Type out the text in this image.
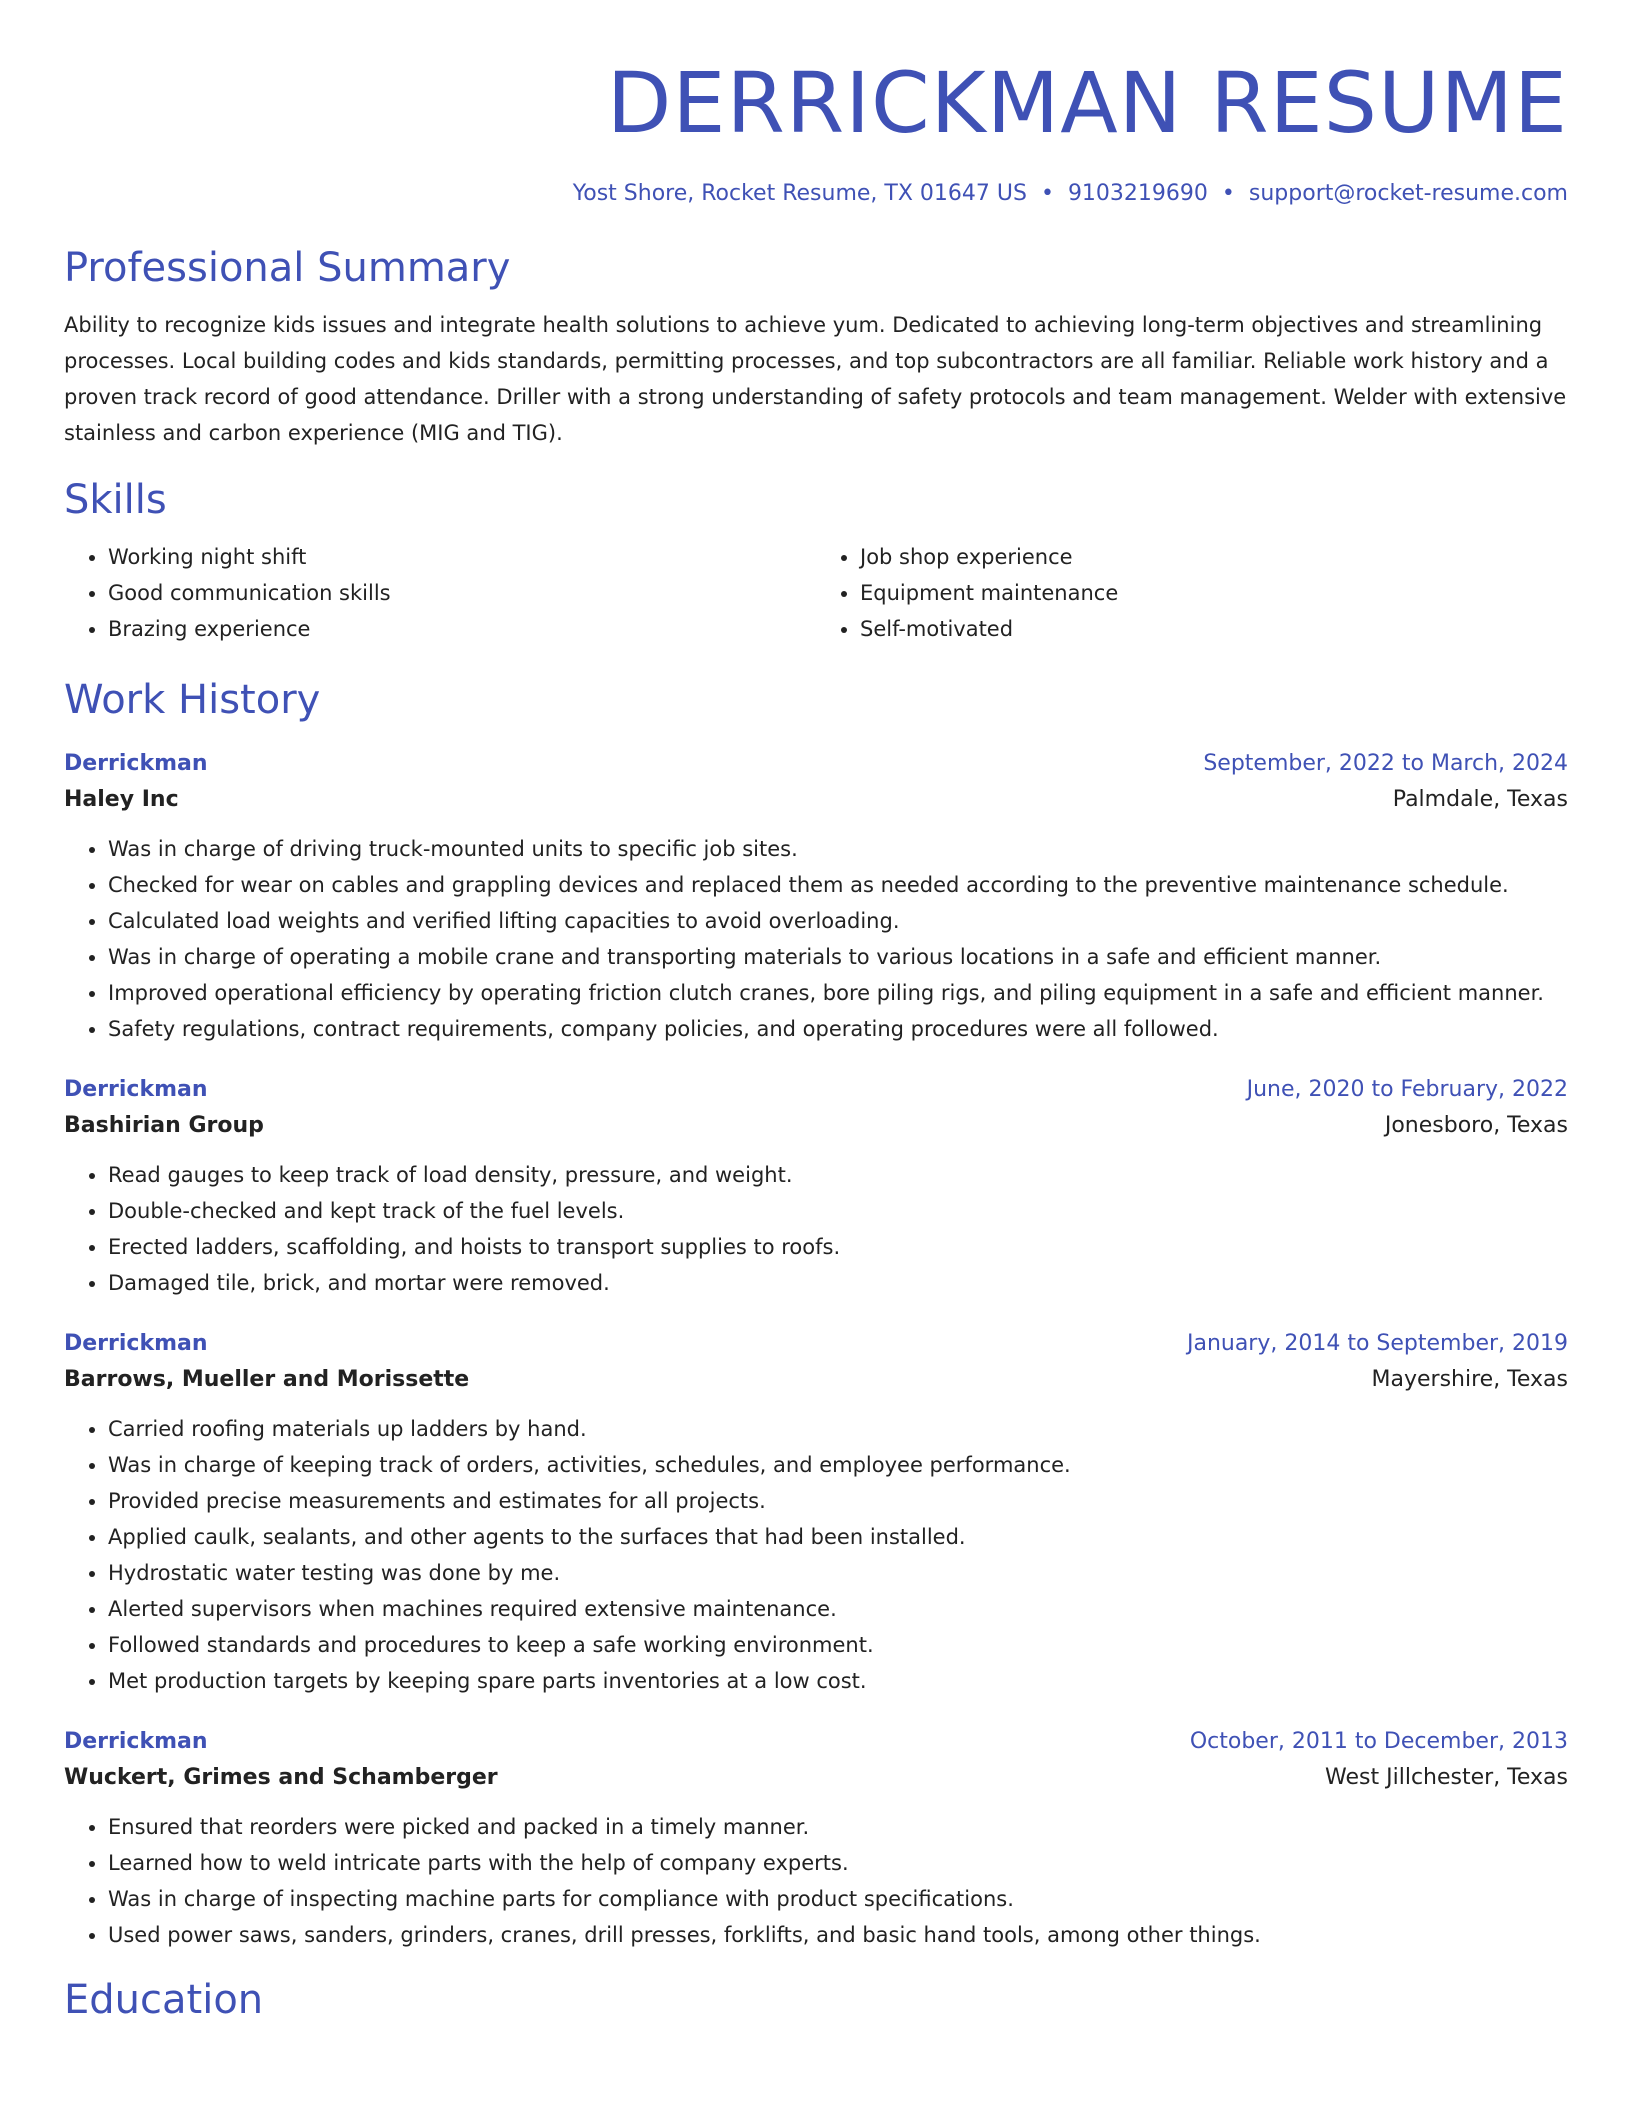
DERRICKMAN RESUME
Yost Shore, Rocket Resume, TX 01647 US • 9103219690 • support@rocket-resume.com
Professional Summary

Ability to recognize kids issues and integrate health solutions to achieve yum. Dedicated to achieving long-term objectives and streamlining processes. Local building codes and kids standards, permitting processes, and top subcontractors are all familiar. Reliable work history and a proven track record of good attendance. Driller with a strong understanding of safety protocols and team management. Welder with extensive stainless and carbon experience (MIG and TIG).

Skills
• Working night shift
• Good communication skills
• Brazing experience
• Job shop experience
• Equipment maintenance
• Self-motivated
Work History
Derrickman	September, 2022 to March, 2024
Haley Inc	Palmdale, Texas
• Was in charge of driving truck-mounted units to specific job sites.
• Checked for wear on cables and grappling devices and replaced them as needed according to the preventive maintenance schedule.
• Calculated load weights and verified lifting capacities to avoid overloading.
• Was in charge of operating a mobile crane and transporting materials to various locations in a safe and efficient manner.
• Improved operational efficiency by operating friction clutch cranes, bore piling rigs, and piling equipment in a safe and efficient manner.
• Safety regulations, contract requirements, company policies, and operating procedures were all followed.
Derrickman	June, 2020 to February, 2022
Bashirian Group	Jonesboro, Texas
• Read gauges to keep track of load density, pressure, and weight.
• Double-checked and kept track of the fuel levels.
• Erected ladders, scaffolding, and hoists to transport supplies to roofs.
• Damaged tile, brick, and mortar were removed.
Derrickman	January, 2014 to September, 2019
Barrows, Mueller and Morissette	Mayershire, Texas
• Carried roofing materials up ladders by hand.
• Was in charge of keeping track of orders, activities, schedules, and employee performance.
• Provided precise measurements and estimates for all projects.
• Applied caulk, sealants, and other agents to the surfaces that had been installed.
• Hydrostatic water testing was done by me.
• Alerted supervisors when machines required extensive maintenance.
• Followed standards and procedures to keep a safe working environment.
• Met production targets by keeping spare parts inventories at a low cost.
Derrickman	October, 2011 to December, 2013
Wuckert, Grimes and Schamberger	West Jillchester, Texas
• Ensured that reorders were picked and packed in a timely manner.
• Learned how to weld intricate parts with the help of company experts.
• Was in charge of inspecting machine parts for compliance with product specifications.
• Used power saws, sanders, grinders, cranes, drill presses, forklifts, and basic hand tools, among other things.
Education
